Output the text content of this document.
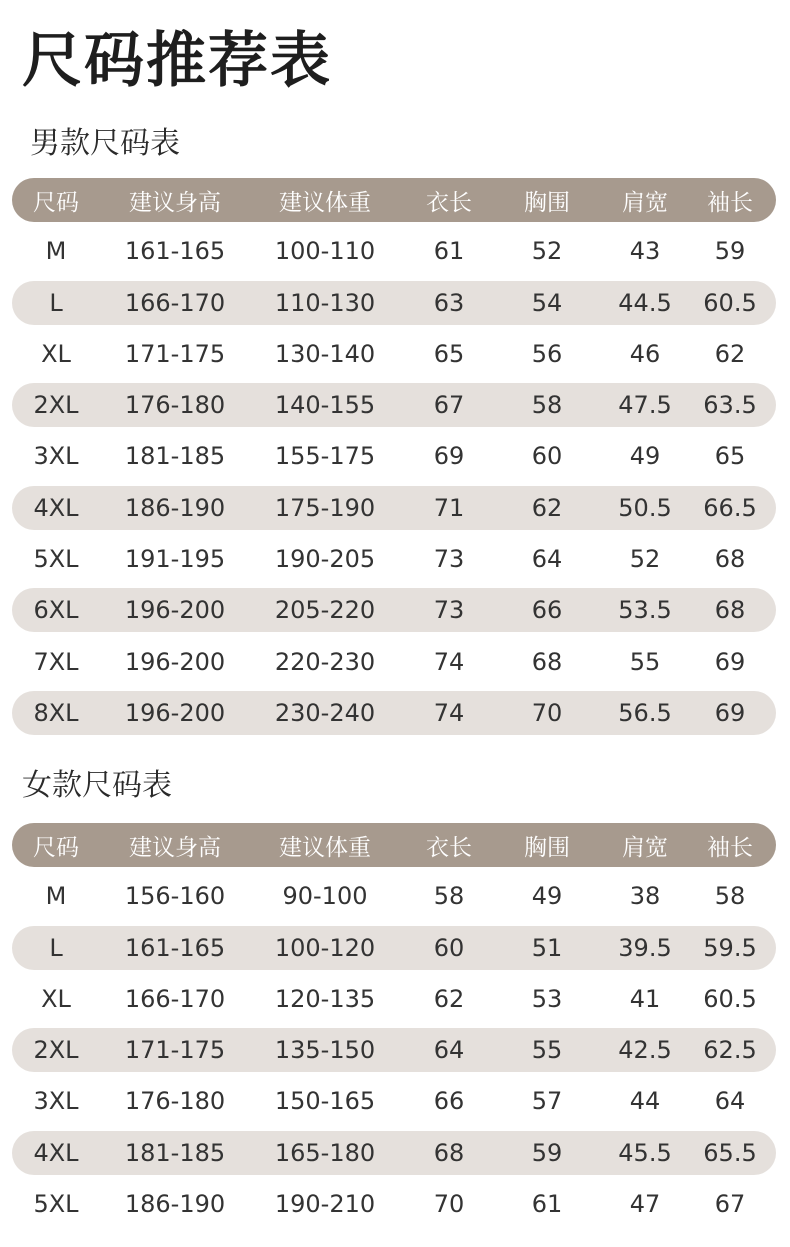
尺码推荐表
男款尺码表
尺码	建议身高	建议体重	衣长	胸围	肩宽	袖长
M	161-165	100-110	61	52	43	59
L	166-170	110-130	63	54	44.5	60.5
XL	171-175	130-140	65	56	46	62
2XL	176-180	140-155	67	58	47.5	63.5
3XL	181-185	155-175	69	60	49	65
4XL	186-190	175-190	71	62	50.5	66.5
5XL	191-195	190-205	73	64	52	68
6XL	196-200	205-220	73	66	53.5	68
7XL	196-200	220-230	74	68	55	69
8XL	196-200	230-240	74	70	56.5	69
女款尺码表
尺码	建议身高	建议体重	衣长	胸围	肩宽	袖长
M	156-160	90-100	58	49	38	58
L	161-165	100-120	60	51	39.5	59.5
XL	166-170	120-135	62	53	41	60.5
2XL	171-175	135-150	64	55	42.5	62.5
3XL	176-180	150-165	66	57	44	64
4XL	181-185	165-180	68	59	45.5	65.5
5XL	186-190	190-210	70	61	47	67
